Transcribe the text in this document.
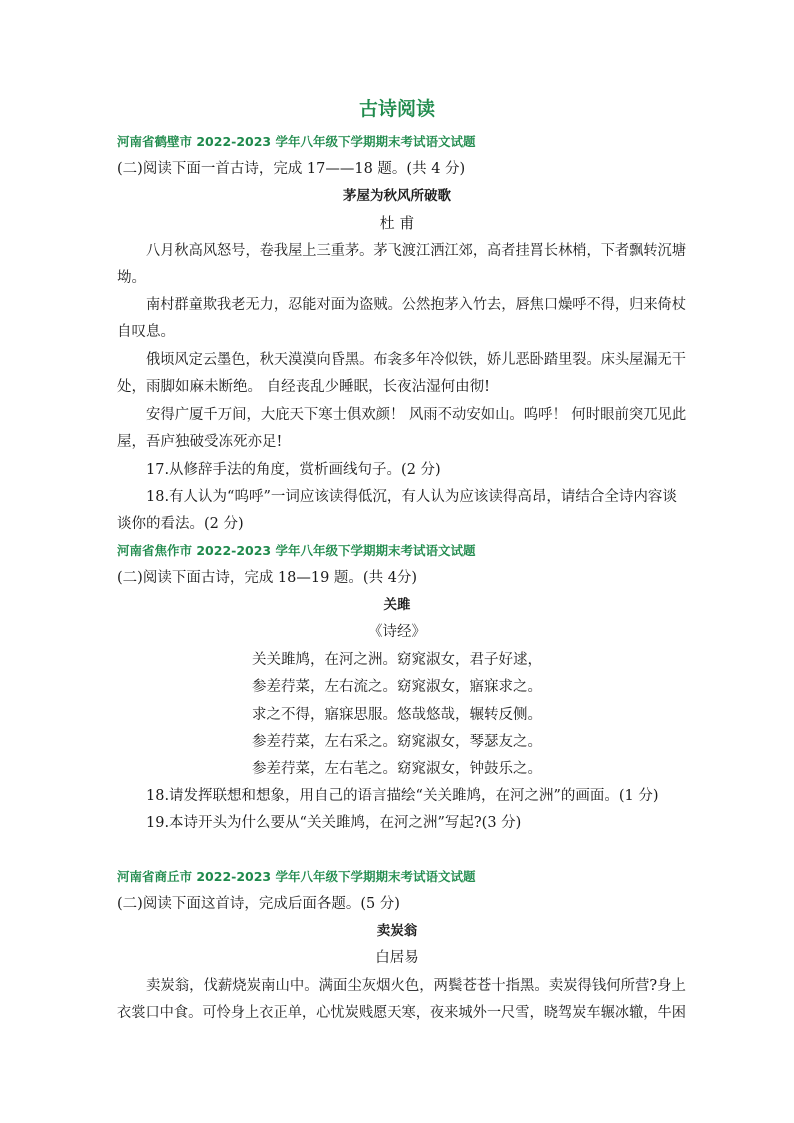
古诗阅读
河南省鹤壁市 2022-2023 学年八年级下学期期末考试语文试题
(二)阅读下面一首古诗，完成 17——18 题。(共 4 分)
茅屋为秋风所破歌
杜 甫
八月秋高风怒号，卷我屋上三重茅。茅飞渡江洒江郊，高者挂罥长林梢，下者飘转沉塘
坳。
南村群童欺我老无力，忍能对面为盗贼。公然抱茅入竹去，唇焦口燥呼不得，归来倚杖
自叹息。
俄顷风定云墨色，秋天漠漠向昏黑。布衾多年冷似铁，娇儿恶卧踏里裂。床头屋漏无干
处，雨脚如麻未断绝。 自经丧乱少睡眠，长夜沾湿何由彻!
安得广厦千万间，大庇天下寒士俱欢颜！ 风雨不动安如山。呜呼！ 何时眼前突兀见此
屋，吾庐独破受冻死亦足!
17.从修辞手法的角度，赏析画线句子。(2 分)
18.有人认为“呜呼”一词应该读得低沉，有人认为应该读得高昂，请结合全诗内容谈
谈你的看法。(2 分)
河南省焦作市 2022-2023 学年八年级下学期期末考试语文试题
(二)阅读下面古诗，完成 18—19 题。(共 4分)
关雎
《诗经》
关关雎鸠，在河之洲。窈窕淑女，君子好逑，
参差荇菜，左右流之。窈窕淑女，寤寐求之。
求之不得，寤寐思服。悠哉悠哉，辗转反侧。
参差荇菜，左右采之。窈窕淑女，琴瑟友之。
参差荇菜，左右芼之。窈窕淑女，钟鼓乐之。
18.请发挥联想和想象，用自己的语言描绘“关关雎鸠，在河之洲”的画面。(1 分)
19.本诗开头为什么要从“关关雎鸠，在河之洲”写起?(3 分)
河南省商丘市 2022-2023 学年八年级下学期期末考试语文试题
(二)阅读下面这首诗，完成后面各题。(5 分)
卖炭翁
白居易
卖炭翁，伐薪烧炭南山中。满面尘灰烟火色，两鬓苍苍十指黑。卖炭得钱何所营?身上
衣裳口中食。可怜身上衣正单，心忧炭贱愿天寒，夜来城外一尺雪，晓驾炭车辗冰辙，牛困
